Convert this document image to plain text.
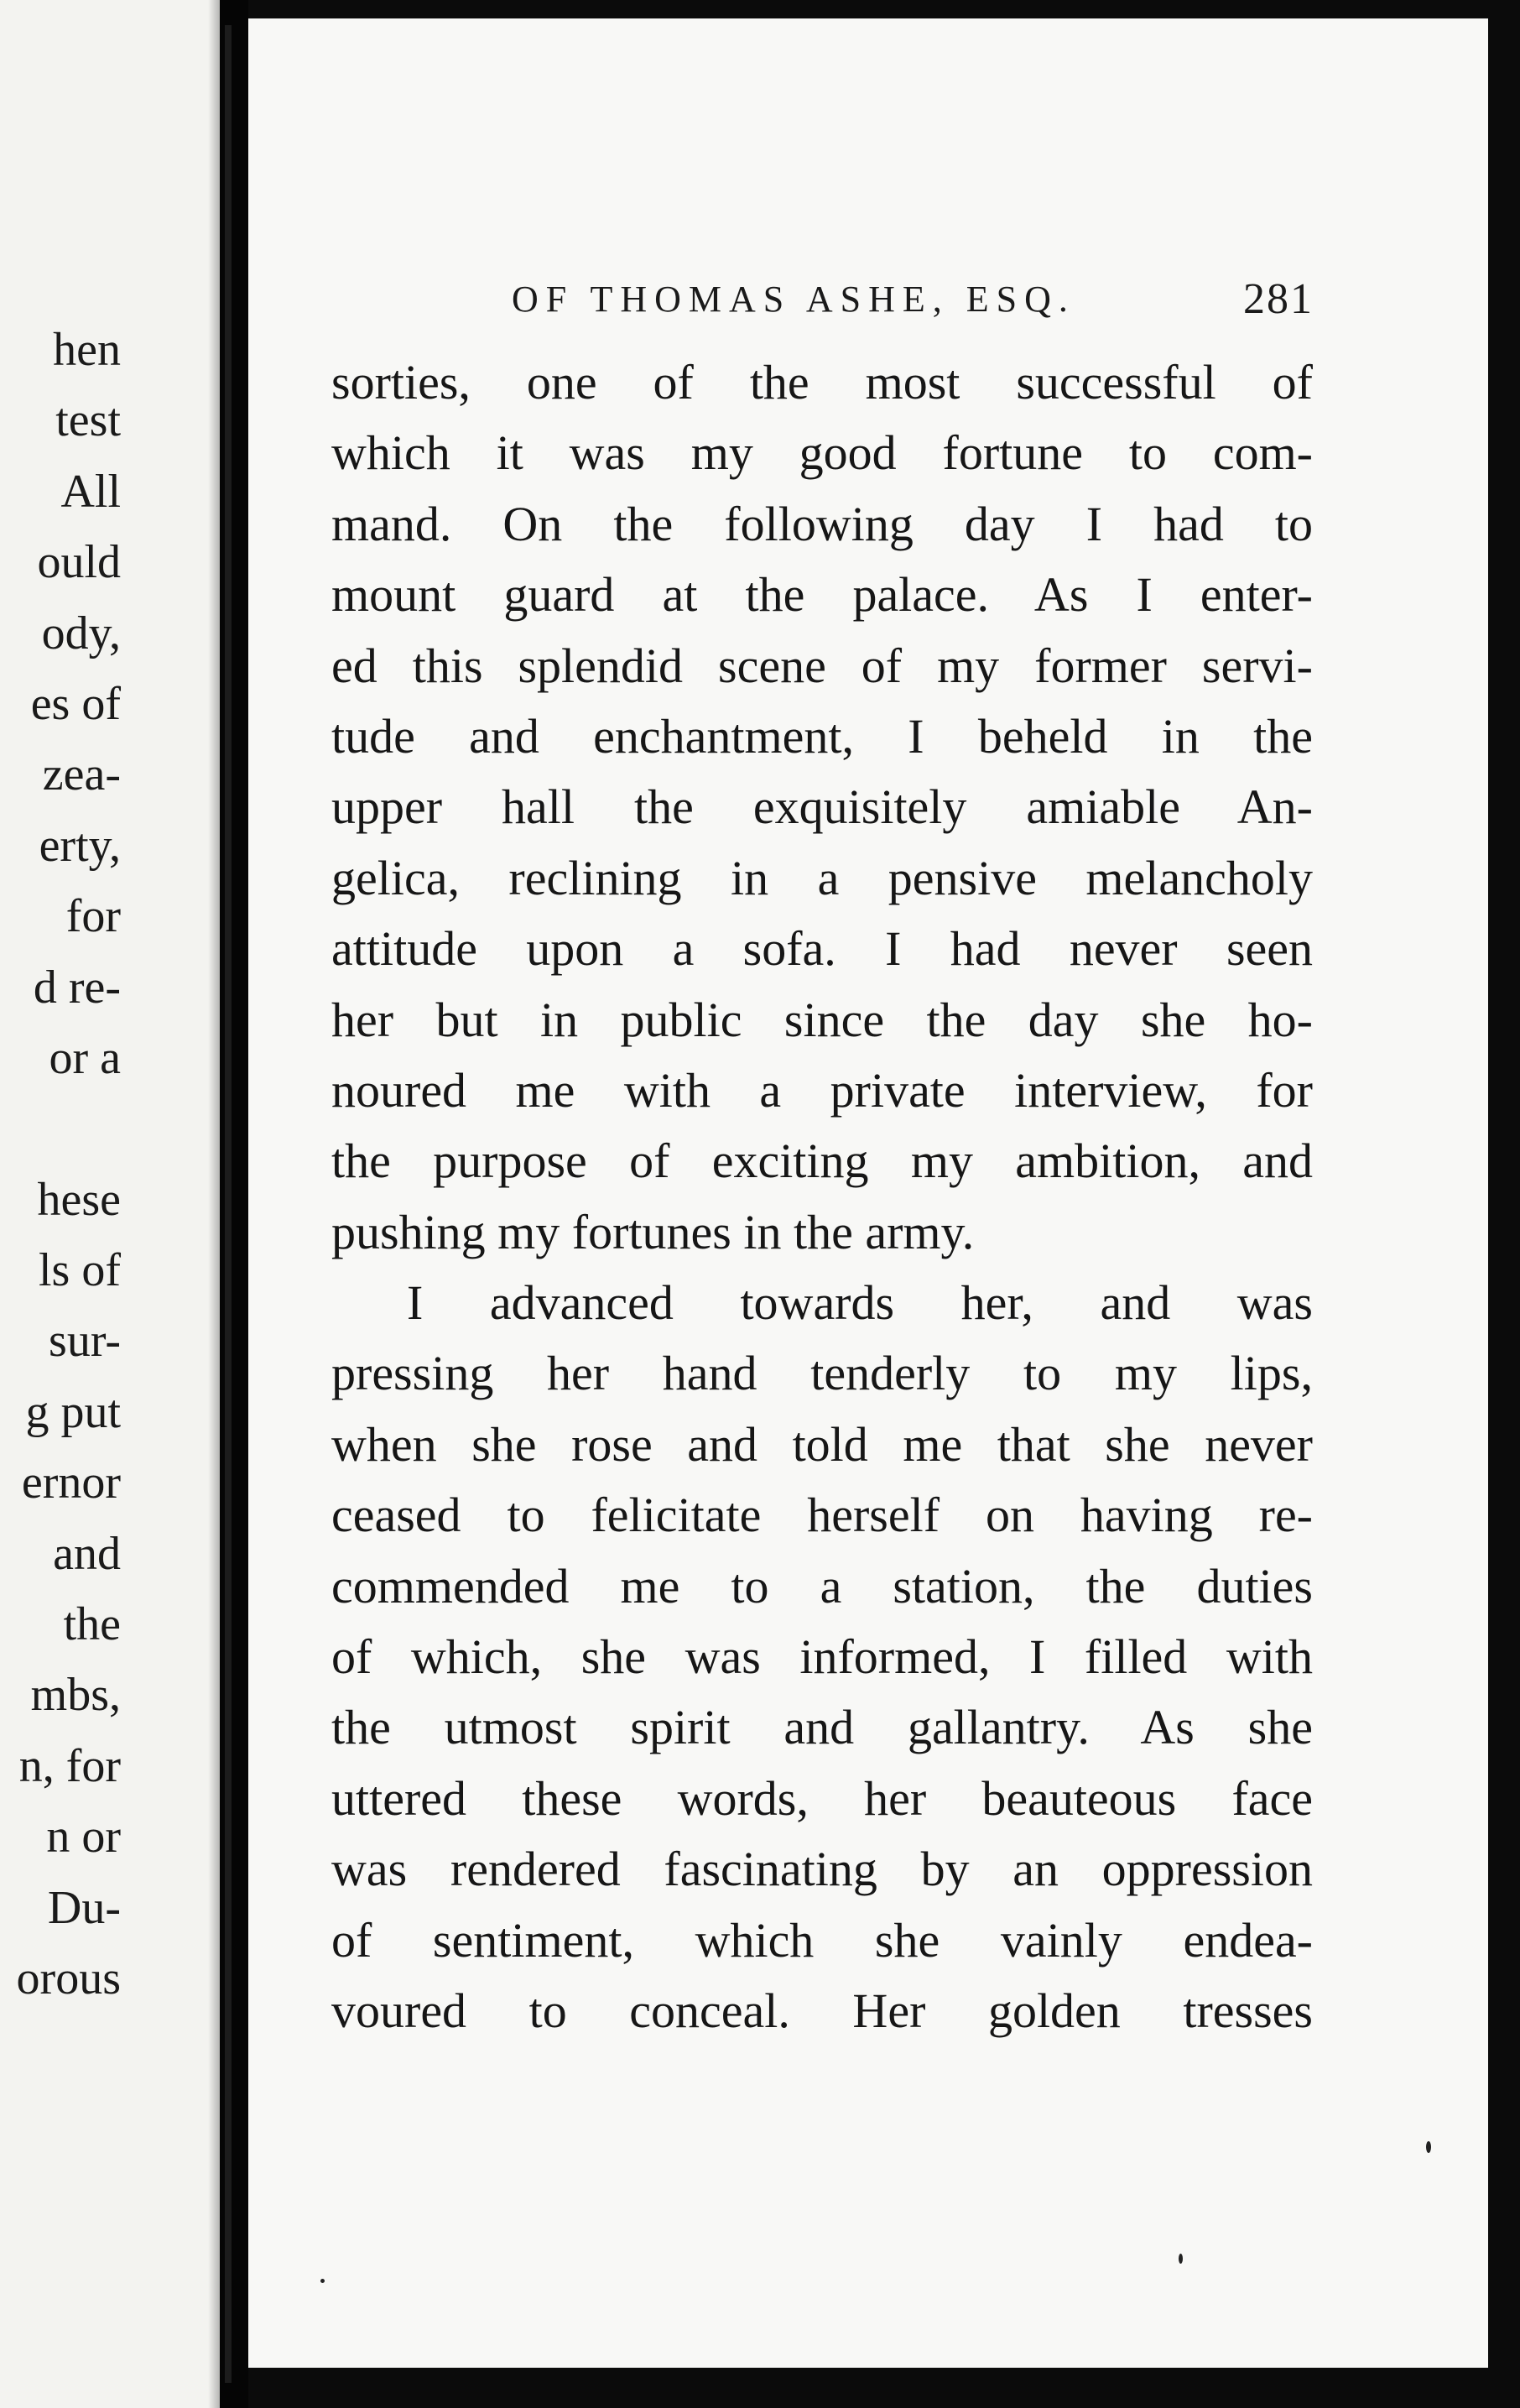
hen
test
All
ould
ody,
es of
zea-
erty,
for
d re-
or a
hese
ls of
sur-
g put
ernor
and
the
mbs,
n, for
n or
Du-
orous
OF THOMAS ASHE, ESQ.	281
sorties, one of the most successful of
which it was my good fortune to com-
mand. On the following day I had to
mount guard at the palace. As I enter-
ed this splendid scene of my former servi-
tude and enchantment, I beheld in the
upper hall the exquisitely amiable An-
gelica, reclining in a pensive melancholy
attitude upon a sofa. I had never seen
her but in public since the day she ho-
noured me with a private interview, for
the purpose of exciting my ambition, and
pushing my fortunes in the army.
I advanced towards her, and was
pressing her hand tenderly to my lips,
when she rose and told me that she never
ceased to felicitate herself on having re-
commended me to a station, the duties
of which, she was informed, I filled with
the utmost spirit and gallantry. As she
uttered these words, her beauteous face
was rendered fascinating by an oppression
of sentiment, which she vainly endea-
voured to conceal. Her golden tresses
